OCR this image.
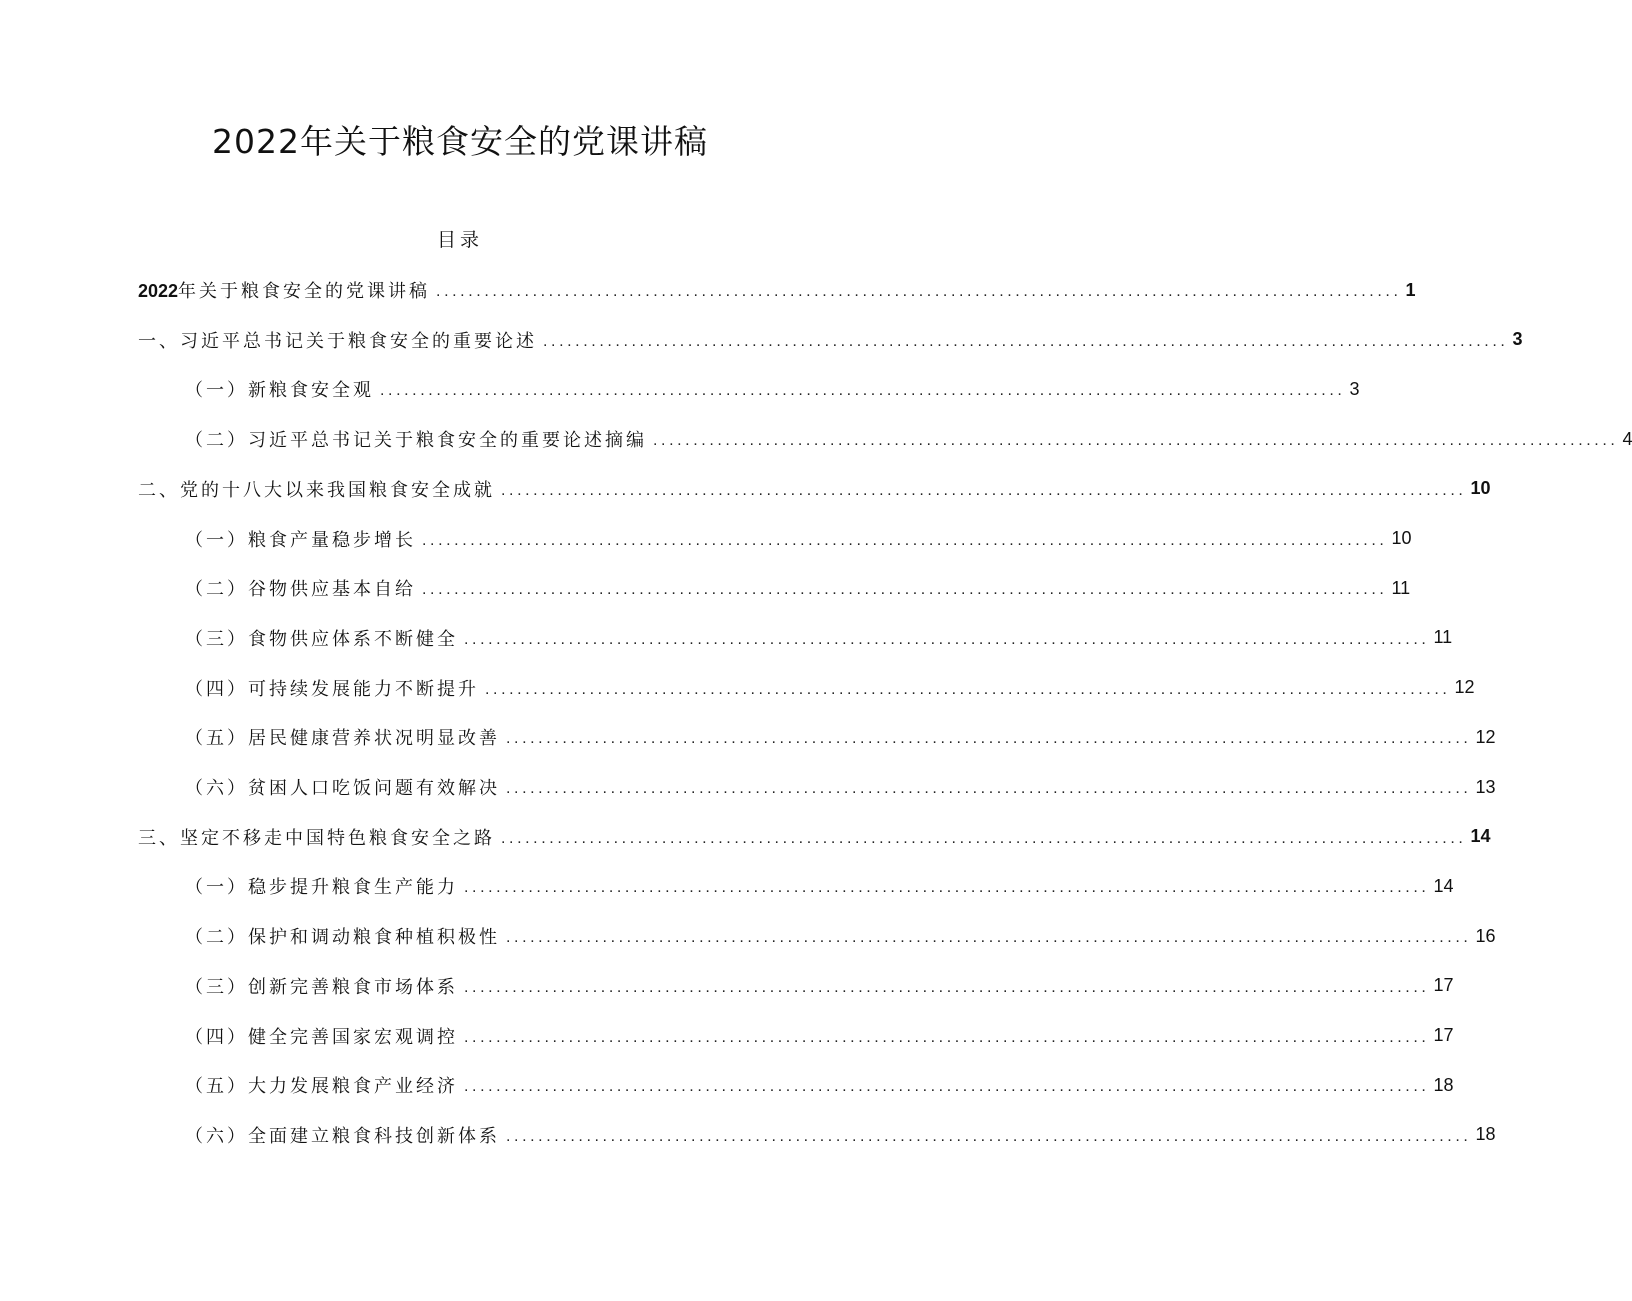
2022年关于粮食安全的党课讲稿
目录
2022年关于粮食安全的党课讲稿 ........................................................................................................................ 1
一、习近平总书记关于粮食安全的重要论述 ........................................................................................................................ 3
（一）新粮食安全观 ........................................................................................................................ 3
（二）习近平总书记关于粮食安全的重要论述摘编 ........................................................................................................................ 4
二、党的十八大以来我国粮食安全成就 ........................................................................................................................ 10
（一）粮食产量稳步增长 ........................................................................................................................ 10
（二）谷物供应基本自给 ........................................................................................................................ 11
（三）食物供应体系不断健全 ........................................................................................................................ 11
（四）可持续发展能力不断提升 ........................................................................................................................ 12
（五）居民健康营养状况明显改善 ........................................................................................................................ 12
（六）贫困人口吃饭问题有效解决 ........................................................................................................................ 13
三、坚定不移走中国特色粮食安全之路 ........................................................................................................................ 14
（一）稳步提升粮食生产能力 ........................................................................................................................ 14
（二）保护和调动粮食种植积极性 ........................................................................................................................ 16
（三）创新完善粮食市场体系 ........................................................................................................................ 17
（四）健全完善国家宏观调控 ........................................................................................................................ 17
（五）大力发展粮食产业经济 ........................................................................................................................ 18
（六）全面建立粮食科技创新体系 ........................................................................................................................ 18
